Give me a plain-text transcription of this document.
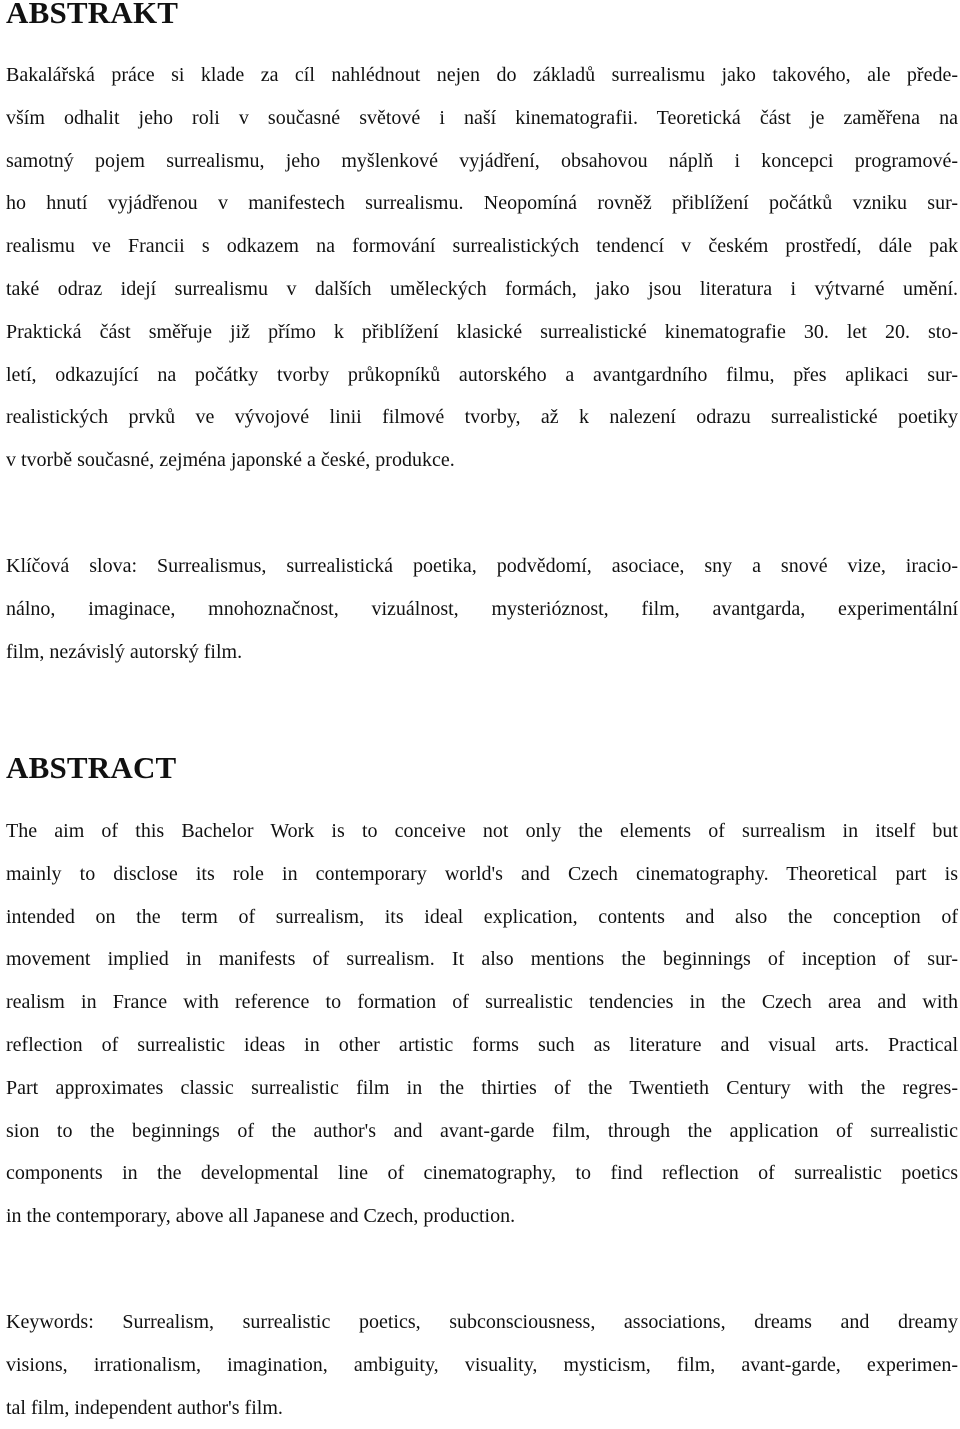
ABSTRAKT
Bakalářská práce si klade za cíl nahlédnout nejen do základů surrealismu jako takového, ale přede-
vším odhalit jeho roli v současné světové i naší kinematografii. Teoretická část je zaměřena na
samotný pojem surrealismu, jeho myšlenkové vyjádření, obsahovou náplň i koncepci programové-
ho hnutí vyjádřenou v manifestech surrealismu. Neopomíná rovněž přiblížení počátků vzniku sur-
realismu ve Francii s odkazem na formování surrealistických tendencí v českém prostředí, dále pak
také odraz idejí surrealismu v dalších uměleckých formách, jako jsou literatura i výtvarné umění.
Praktická část směřuje již přímo k přiblížení klasické surrealistické kinematografie 30. let 20. sto-
letí, odkazující na počátky tvorby průkopníků autorského a avantgardního filmu, přes aplikaci sur-
realistických prvků ve vývojové linii filmové tvorby, až k nalezení odrazu surrealistické poetiky
v tvorbě současné, zejména japonské a české, produkce.
Klíčová slova: Surrealismus, surrealistická poetika, podvědomí, asociace, sny a snové vize, iracio-
nálno, imaginace, mnohoznačnost, vizuálnost, mysterióznost, film, avantgarda, experimentální
film, nezávislý autorský film.
ABSTRACT
The aim of this Bachelor Work is to conceive not only the elements of surrealism in itself but
mainly to disclose its role in contemporary world's and Czech cinematography. Theoretical part is
intended on the term of surrealism, its ideal explication, contents and also the conception of
movement implied in manifests of surrealism. It also mentions the beginnings of inception of sur-
realism in France with reference to formation of surrealistic tendencies in the Czech area and with
reflection of surrealistic ideas in other artistic forms such as literature and visual arts. Practical
Part approximates classic surrealistic film in the thirties of the Twentieth Century with the regres-
sion to the beginnings of the author's and avant-garde film, through the application of surrealistic
components in the developmental line of cinematography, to find reflection of surrealistic poetics
in the contemporary, above all Japanese and Czech, production.
Keywords: Surrealism, surrealistic poetics, subconsciousness, associations, dreams and dreamy
visions, irrationalism, imagination, ambiguity, visuality, mysticism, film, avant-garde, experimen-
tal film, independent author's film.
